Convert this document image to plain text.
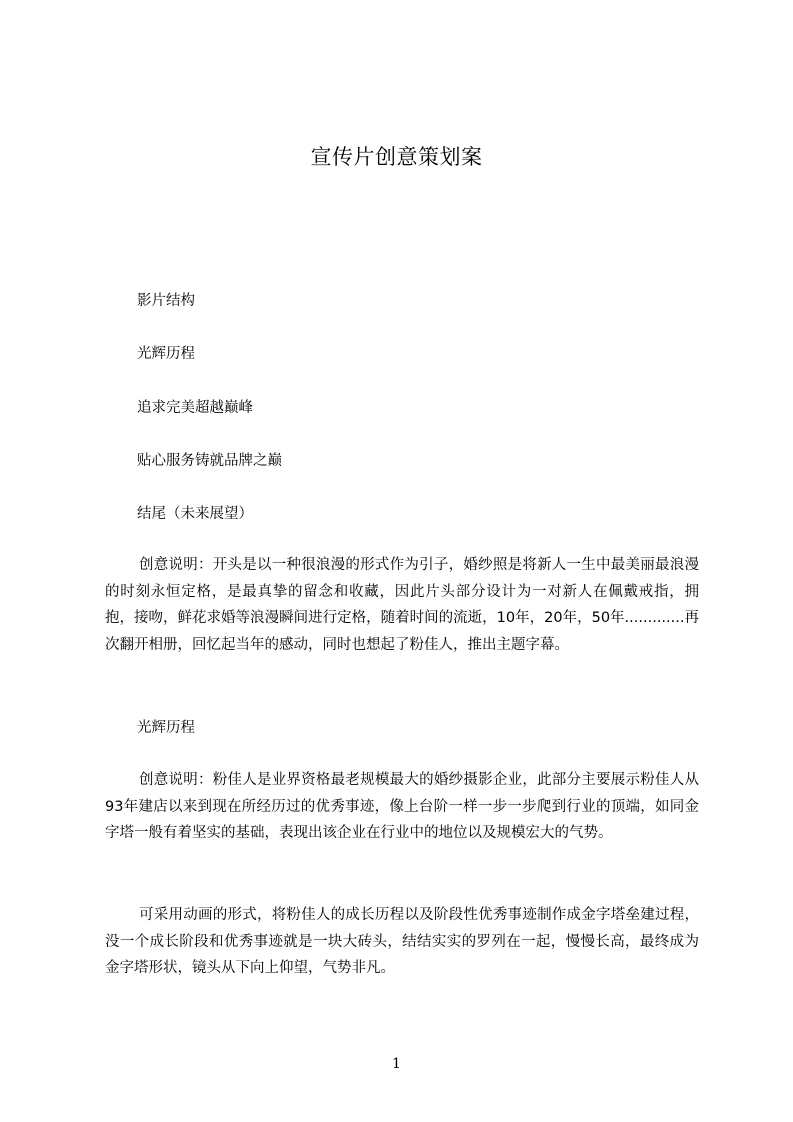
宣传片创意策划案
影片结构
光辉历程
追求完美超越巅峰
贴心服务铸就品牌之巅
结尾（未来展望）

创意说明：开头是以一种很浪漫的形式作为引子，婚纱照是将新人一生中最美丽最浪漫的时刻永恒定格，是最真挚的留念和收藏，因此片头部分设计为一对新人在佩戴戒指，拥抱，接吻，鲜花求婚等浪漫瞬间进行定格，随着时间的流逝，10年，20年，50年.............再次翻开相册，回忆起当年的感动，同时也想起了粉佳人，推出主题字幕。

光辉历程

创意说明：粉佳人是业界资格最老规模最大的婚纱摄影企业，此部分主要展示粉佳人从93年建店以来到现在所经历过的优秀事迹，像上台阶一样一步一步爬到行业的顶端，如同金字塔一般有着坚实的基础，表现出该企业在行业中的地位以及规模宏大的气势。

可采用动画的形式，将粉佳人的成长历程以及阶段性优秀事迹制作成金字塔垒建过程，没一个成长阶段和优秀事迹就是一块大砖头，结结实实的罗列在一起，慢慢长高，最终成为金字塔形状，镜头从下向上仰望，气势非凡。

1
